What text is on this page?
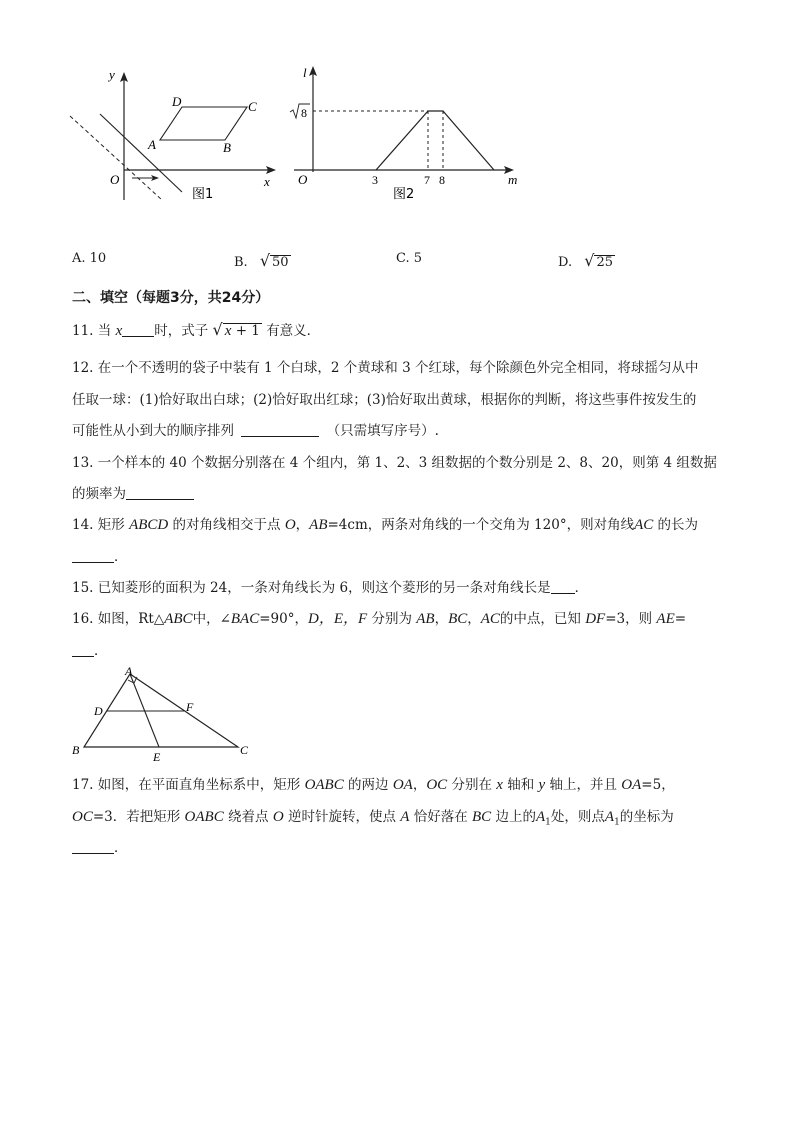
y
x
O
A	B
C
D
图1
l
m
O
8
3	7 8
图2
A. 10	B. √ 50	C. 5	D. √ 25
二、填空（每题3分，共24分）
11. 当 x 时，式子 √ x + 1 有意义．
12. 在一个不透明的袋子中装有 1 个白球，2 个黄球和 3 个红球，每个除颜色外完全相同，将球摇匀从中
任取一球：(1)恰好取出白球；(2)恰好取出红球；(3)恰好取出黄球，根据你的判断，将这些事件按发生的
可能性从小到大的顺序排列	（只需填写序号）.
13. 一个样本的 40 个数据分别落在 4 个组内，第 1、2、3 组数据的个数分别是 2、8、20，则第 4 组数据
的频率为
14. 矩形 ABCD 的对角线相交于点 O，AB=4cm，两条对角线的一个交角为 120°，则对角线AC 的长为
．
15. 已知菱形的面积为 24，一条对角线长为 6，则这个菱形的另一条对角线长是 ．
16. 如图，Rt△ABC中，∠BAC=90°，D，E，F 分别为 AB，BC，AC的中点，已知 DF=3，则 AE=
．
A
B	C
D
E
F
17. 如图，在平面直角坐标系中，矩形 OABC 的两边 OA，OC 分别在 x 轴和 y 轴上，并且 OA=5，
OC=3．若把矩形 OABC 绕着点 O 逆时针旋转，使点 A 恰好落在 BC 边上的$A_1$处，则点$A_1$的坐标为
．
